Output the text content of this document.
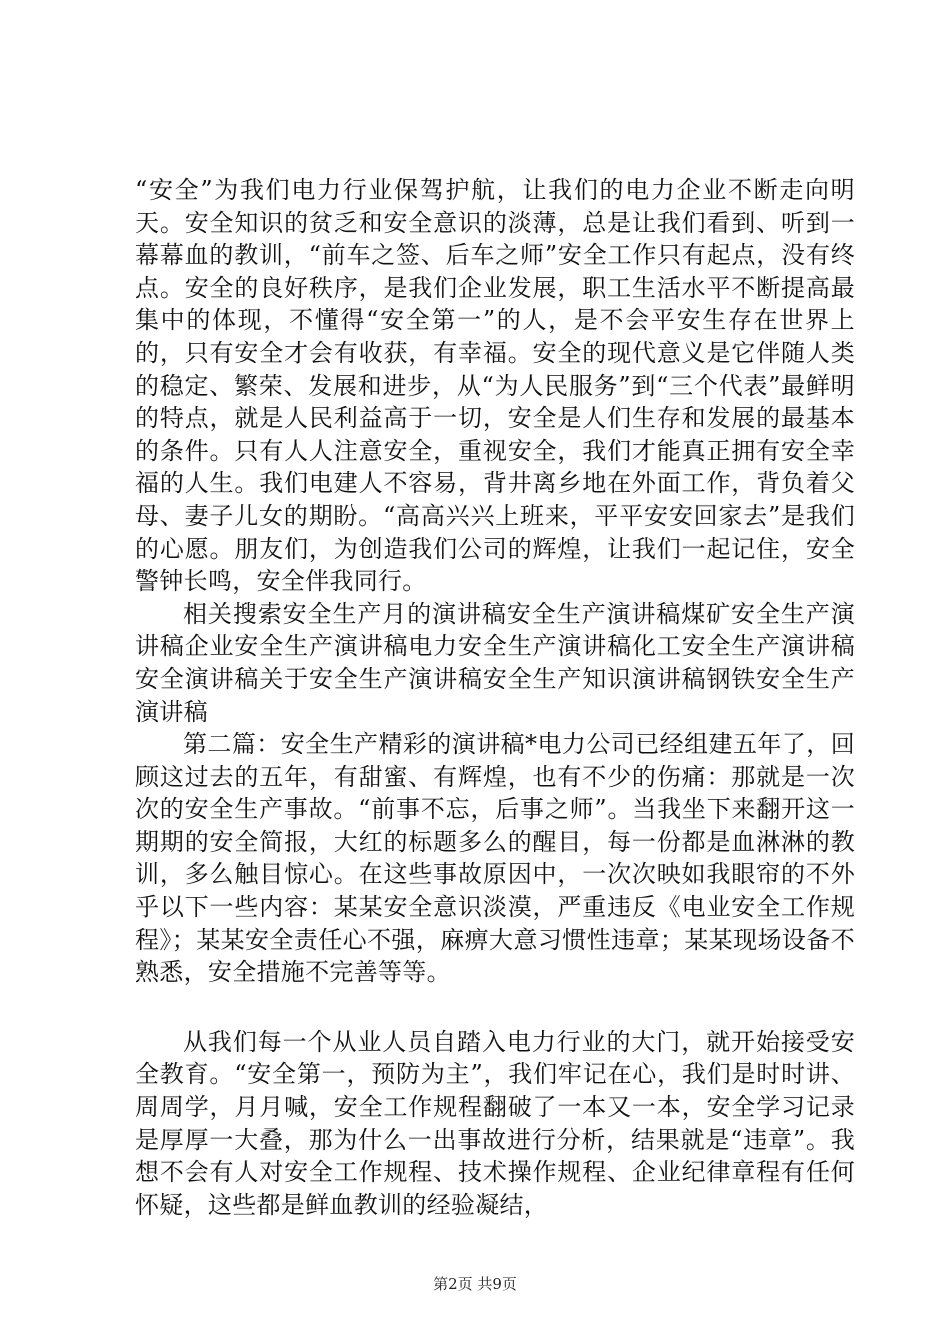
“安全”为我们电力行业保驾护航，让我们的电力企业不断走向明天。安全知识的贫乏和安全意识的淡薄，总是让我们看到、听到一幕幕血的教训，“前车之签、后车之师”安全工作只有起点，没有终点。安全的良好秩序，是我们企业发展，职工生活水平不断提高最集中的体现，不懂得“安全第一”的人，是不会平安生存在世界上的，只有安全才会有收获，有幸福。安全的现代意义是它伴随人类的稳定、繁荣、发展和进步，从“为人民服务”到“三个代表”最鲜明的特点，就是人民利益高于一切，安全是人们生存和发展的最基本的条件。只有人人注意安全，重视安全，我们才能真正拥有安全幸福的人生。我们电建人不容易，背井离乡地在外面工作，背负着父母、妻子儿女的期盼。“高高兴兴上班来，平平安安回家去”是我们的心愿。朋友们，为创造我们公司的辉煌，让我们一起记住，安全警钟长鸣，安全伴我同行。

相关搜索安全生产月的演讲稿安全生产演讲稿煤矿安全生产演讲稿企业安全生产演讲稿电力安全生产演讲稿化工安全生产演讲稿安全演讲稿关于安全生产演讲稿安全生产知识演讲稿钢铁安全生产演讲稿

第二篇：安全生产精彩的演讲稿*电力公司已经组建五年了，回顾这过去的五年，有甜蜜、有辉煌，也有不少的伤痛：那就是一次次的安全生产事故。“前事不忘，后事之师”。当我坐下来翻开这一期期的安全简报，大红的标题多么的醒目，每一份都是血淋淋的教训，多么触目惊心。在这些事故原因中，一次次映如我眼帘的不外乎以下一些内容：某某安全意识淡漠，严重违反《电业安全工作规程》；某某安全责任心不强，麻痹大意习惯性违章；某某现场设备不熟悉，安全措施不完善等等。

从我们每一个从业人员自踏入电力行业的大门，就开始接受安全教育。“安全第一，预防为主”，我们牢记在心，我们是时时讲、周周学，月月喊，安全工作规程翻破了一本又一本，安全学习记录是厚厚一大叠，那为什么一出事故进行分析，结果就是“违章”。我想不会有人对安全工作规程、技术操作规程、企业纪律章程有任何怀疑，这些都是鲜血教训的经验凝结，

第2页 共9页
